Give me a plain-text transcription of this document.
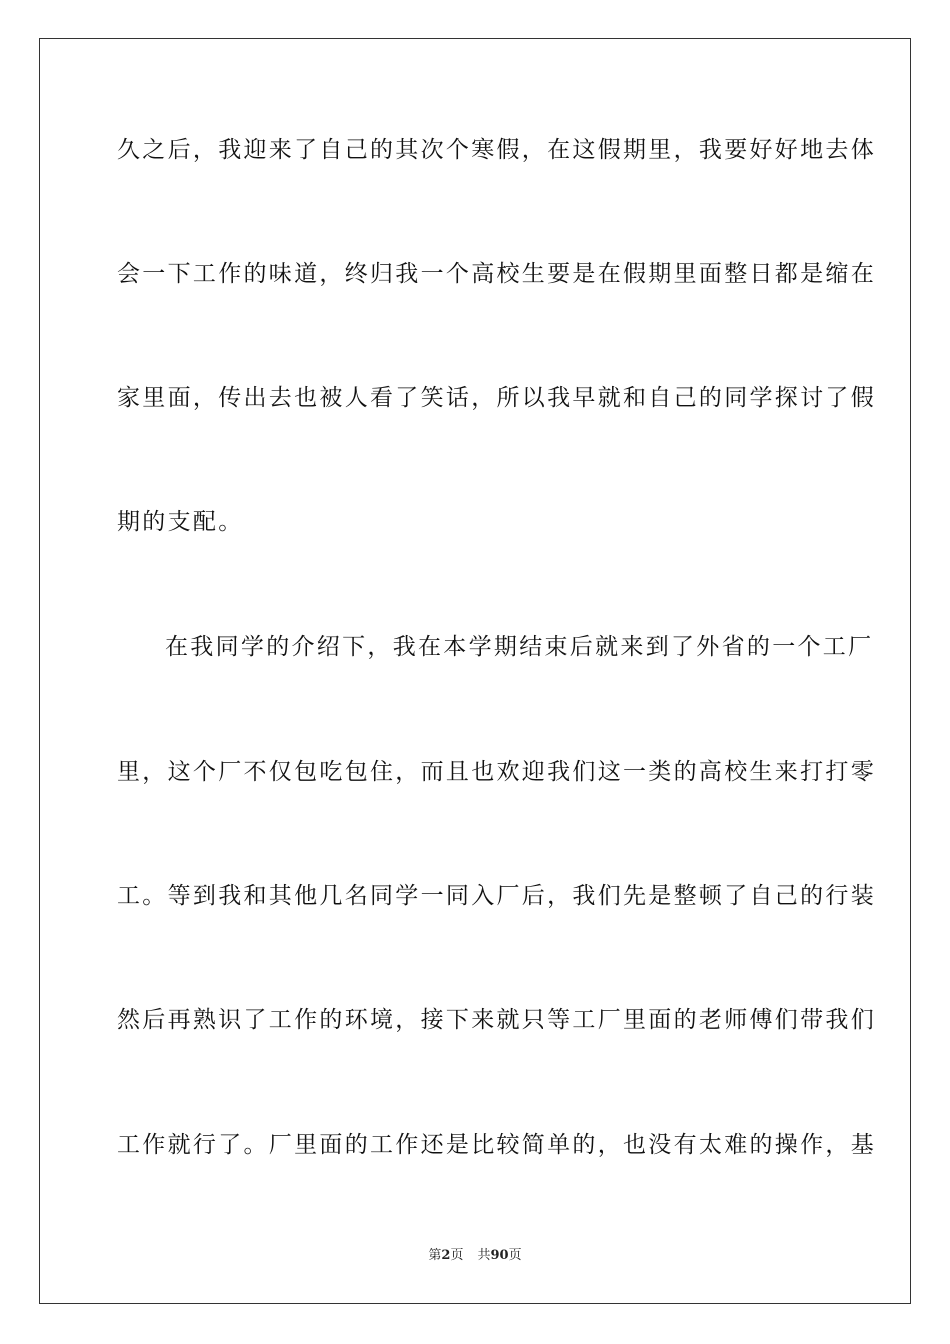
久之后，我迎来了自己的其次个寒假，在这假期里，我要好好地去体
会一下工作的味道，终归我一个高校生要是在假期里面整日都是缩在
家里面，传出去也被人看了笑话，所以我早就和自己的同学探讨了假
期的支配。
在我同学的介绍下，我在本学期结束后就来到了外省的一个工厂
里，这个厂不仅包吃包住，而且也欢迎我们这一类的高校生来打打零
工。等到我和其他几名同学一同入厂后，我们先是整顿了自己的行装
然后再熟识了工作的环境，接下来就只等工厂里面的老师傅们带我们
工作就行了。厂里面的工作还是比较简单的，也没有太难的操作，基
第2页 共90页
